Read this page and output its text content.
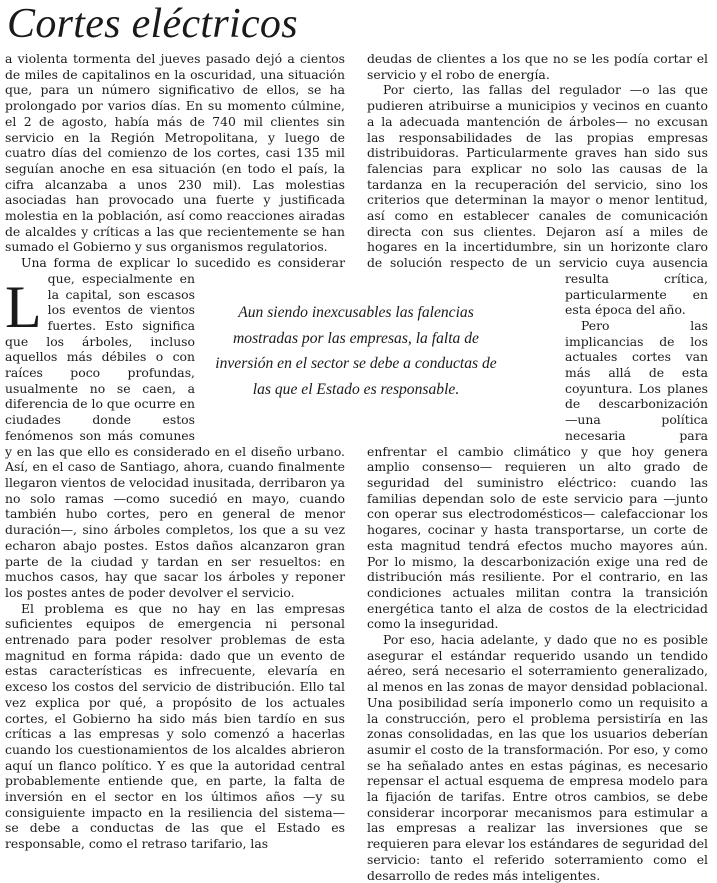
Cortes eléctricos

L
a violenta tormenta del jueves pasado dejó a cientos de miles de capitalinos en la oscuridad, una situación que, para un número significativo de ellos, se ha prolongado por varios días. En su momento cúlmine, el 2 de agosto, había más de 740 mil clientes sin servicio en la Región Metropolitana, y luego de cuatro días del comienzo de los cortes, casi 135 mil seguían anoche en esa situación (en todo el país, la cifra alcanzaba a unos 230 mil). Las molestias asociadas han provocado una fuerte y justificada molestia en la población, así como reacciones airadas de alcaldes y críticas a las que recientemente se han sumado el Gobierno y sus organismos regulatorios.

Una forma de explicar lo sucedido es considerar que, especialmente en la capital, son escasos los eventos de vientos fuertes. Esto significa que los árboles, incluso aquellos más débiles o con raíces poco profundas, usualmente no se caen, a diferencia de lo que ocurre en ciudades donde estos fenómenos son más comunes y en las que ello es considerado en el diseño urbano. Así, en el caso de Santiago, ahora, cuando finalmente llegaron vientos de velocidad inusitada, derribaron ya no solo ramas —como sucedió en mayo, cuando también hubo cortes, pero en general de menor duración—, sino árboles completos, los que a su vez echaron abajo postes. Estos daños alcanzaron gran parte de la ciudad y tardan en ser resueltos: en muchos casos, hay que sacar los árboles y reponer los postes antes de poder devolver el servicio.

El problema es que no hay en las empresas suficientes equipos de emergencia ni personal entrenado para poder resolver problemas de esta magnitud en forma rápida: dado que un evento de estas características es infrecuente, elevaría en exceso los costos del servicio de distribución. Ello tal vez explica por qué, a propósito de los actuales cortes, el Gobierno ha sido más bien tardío en sus críticas a las empresas y solo comenzó a hacerlas cuando los cuestionamientos de los alcaldes abrieron aquí un flanco político. Y es que la autoridad central probablemente entiende que, en parte, la falta de inversión en el sector en los últimos años —y su consiguiente impacto en la resiliencia del sistema— se debe a conductas de las que el Estado es responsable, como el retraso tarifario, las

deudas de clientes a los que no se les podía cortar el servicio y el robo de energía.

Por cierto, las fallas del regulador —o las que pudieren atribuirse a municipios y vecinos en cuanto a la adecuada mantención de árboles— no excusan las responsabilidades de las propias empresas distribuidoras. Particularmente graves han sido sus falencias para explicar no solo las causas de la tardanza en la recuperación del servicio, sino los criterios que determinan la mayor o menor lentitud, así como en establecer canales de comunicación directa con sus clientes. Dejaron así a miles de hogares en la incertidumbre, sin un horizonte claro de solución respecto de un servicio cuya ausencia resulta crítica, particularmente en esta época del año.

Pero las implicancias de los actuales cortes van más allá de esta coyuntura. Los planes de descarbonización —una política necesaria para enfrentar el cambio climático y que hoy genera amplio consenso— requieren un alto grado de seguridad del suministro eléctrico: cuando las familias dependan solo de este servicio para —junto con operar sus electrodomésticos— calefaccionar los hogares, cocinar y hasta transportarse, un corte de esta magnitud tendrá efectos mucho mayores aún. Por lo mismo, la descarbonización exige una red de distribución más resiliente. Por el contrario, en las condiciones actuales militan contra la transición energética tanto el alza de costos de la electricidad como la inseguridad.

Por eso, hacia adelante, y dado que no es posible asegurar el estándar requerido usando un tendido aéreo, será necesario el soterramiento generalizado, al menos en las zonas de mayor densidad poblacional. Una posibilidad sería imponerlo como un requisito a la construcción, pero el problema persistiría en las zonas consolidadas, en las que los usuarios deberían asumir el costo de la transformación. Por eso, y como se ha señalado antes en estas páginas, es necesario repensar el actual esquema de empresa modelo para la fijación de tarifas. Entre otros cambios, se debe considerar incorporar mecanismos para estimular a las empresas a realizar las inversiones que se requieren para elevar los estándares de seguridad del servicio: tanto el referido soterramiento como el desarrollo de redes más inteligentes.

Aun siendo inexcusables las falencias mostradas por las empresas, la falta de inversión en el sector se debe a conductas de las que el Estado es responsable.
